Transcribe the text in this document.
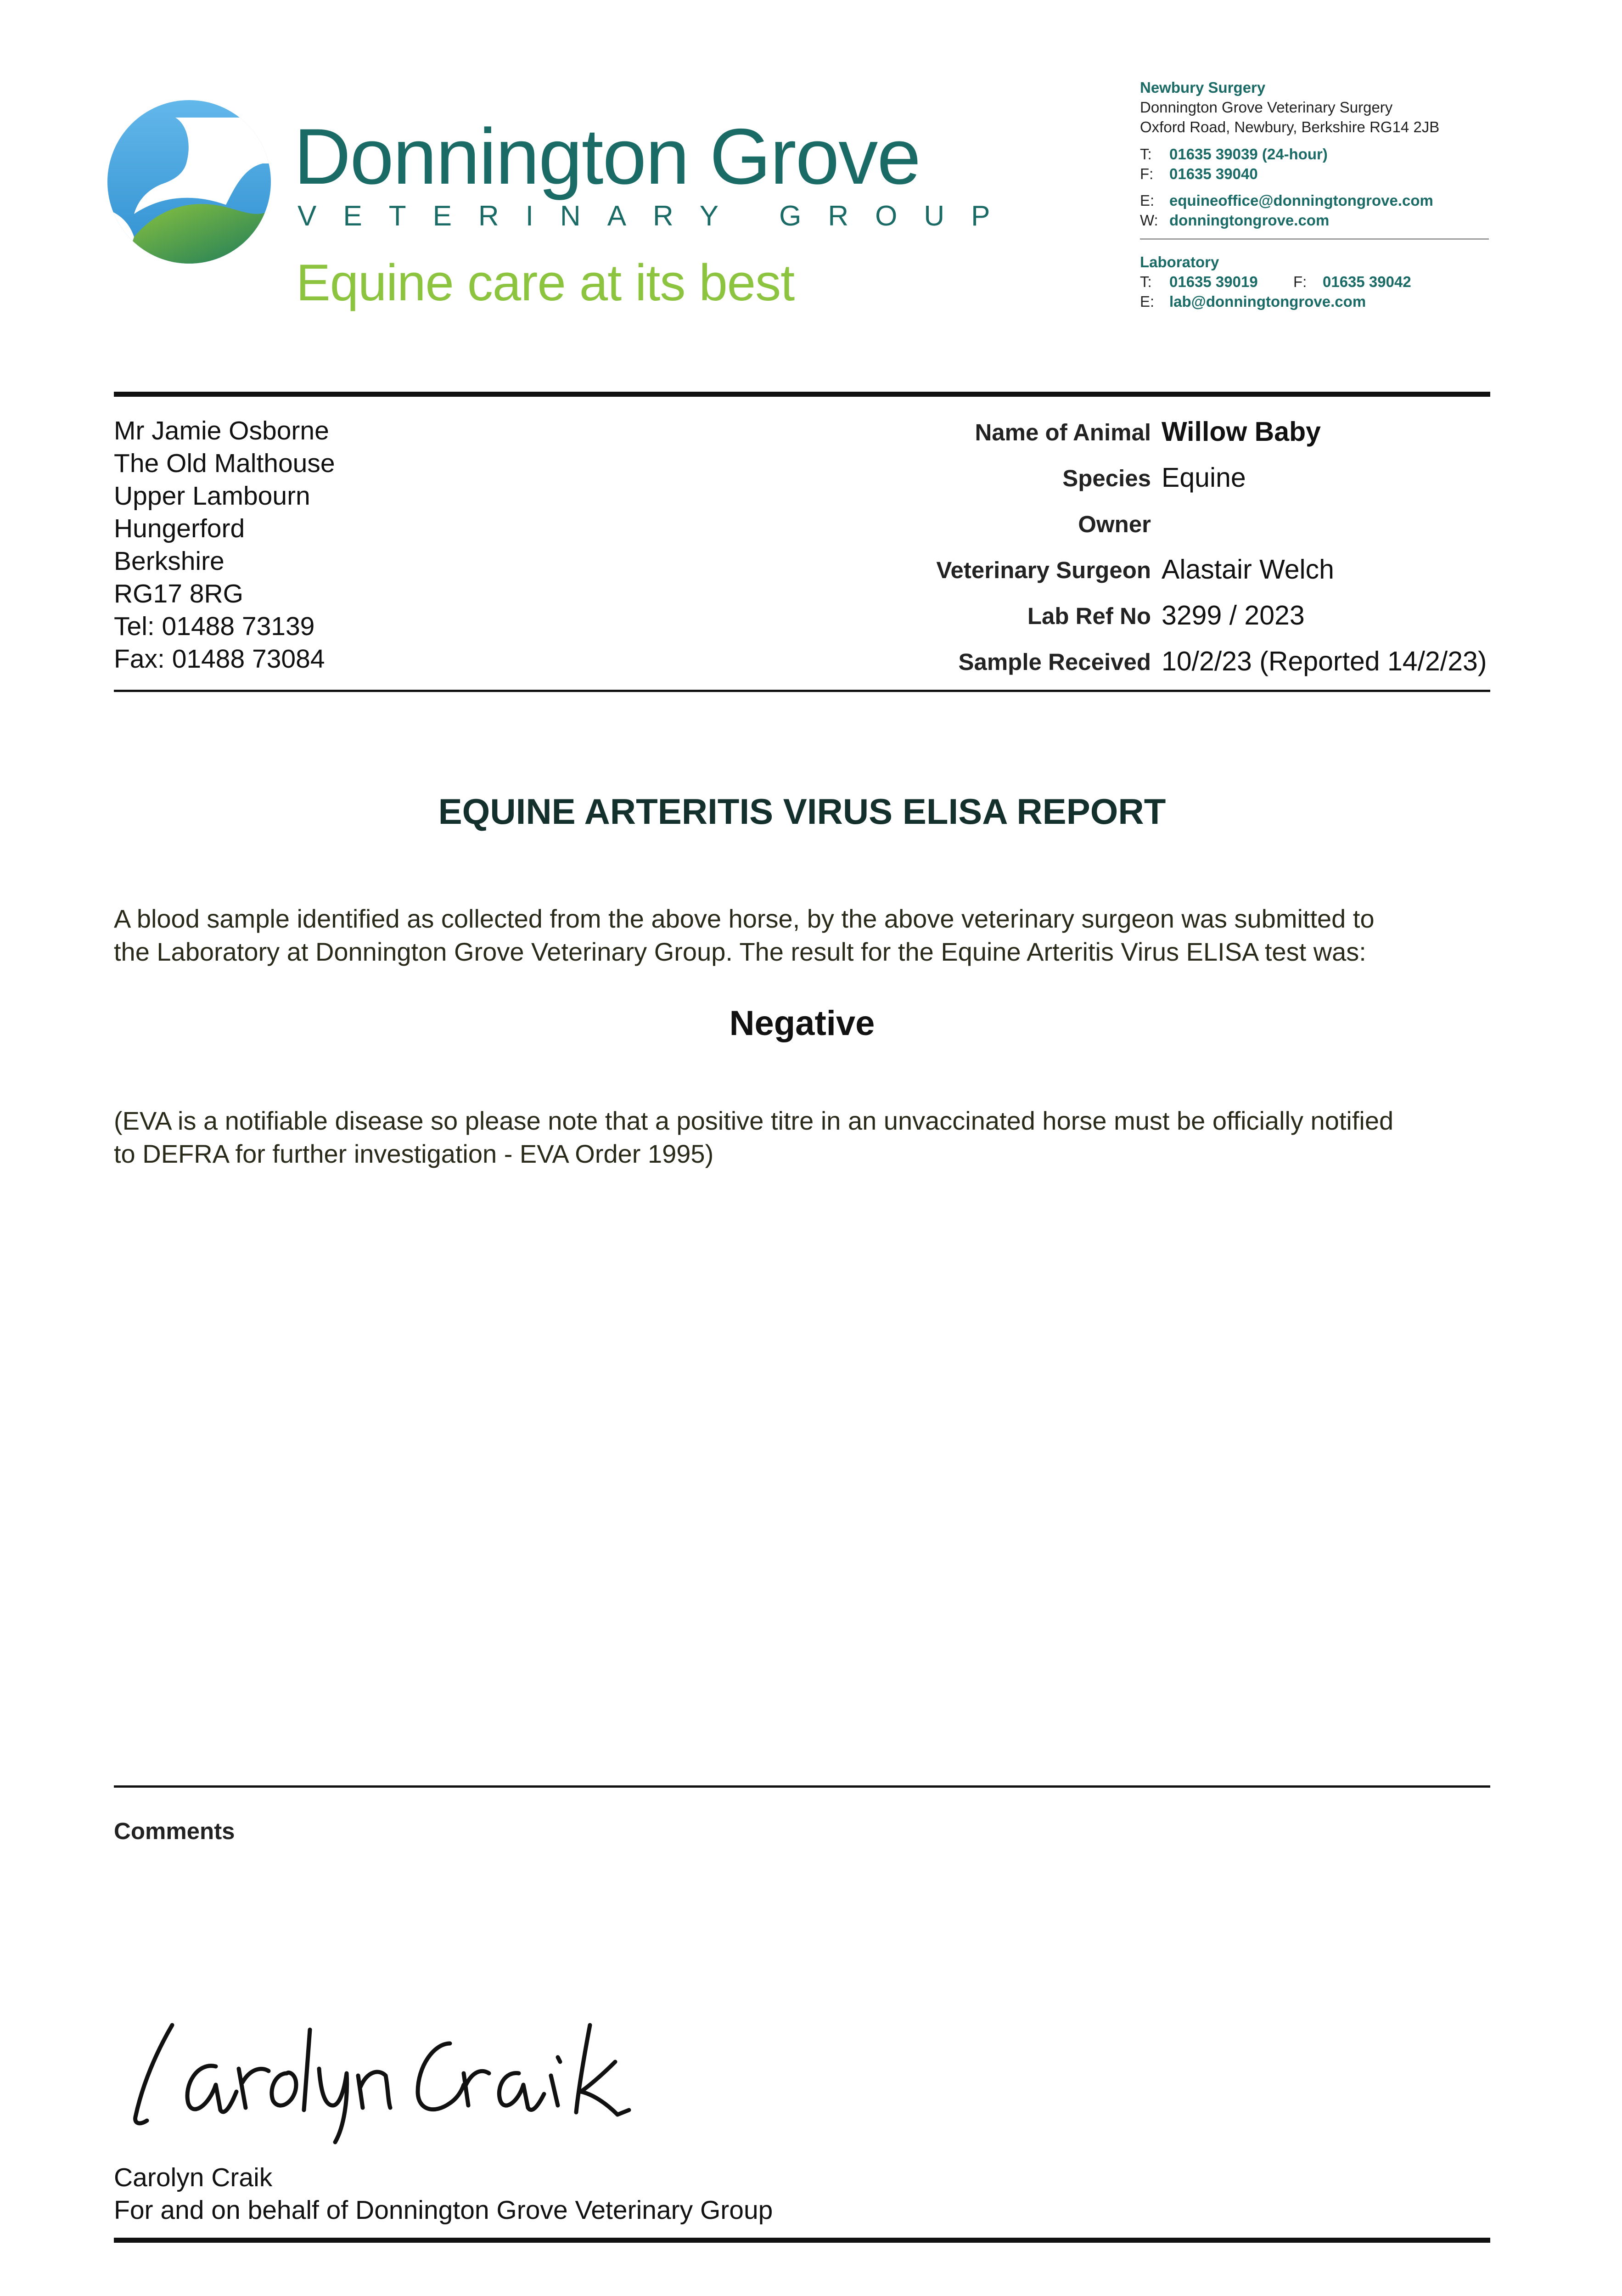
Donnington Grove
VETERINARY GROUP
Equine care at its best
Newbury Surgery
Donnington Grove Veterinary Surgery
Oxford Road, Newbury, Berkshire RG14 2JB
T: 01635 39039 (24-hour)
F: 01635 39040
E: equineoffice@donningtongrove.com
W: donningtongrove.com
Laboratory
T: 01635 39019 F: 01635 39042
E: lab@donningtongrove.com
Mr Jamie Osborne
The Old Malthouse
Upper Lambourn
Hungerford
Berkshire
RG17 8RG
Tel: 01488 73139
Fax: 01488 73084
Name of Animal Willow Baby
Species Equine
Owner
Veterinary Surgeon Alastair Welch
Lab Ref No 3299 / 2023
Sample Received 10/2/23 (Reported 14/2/23)
EQUINE ARTERITIS VIRUS ELISA REPORT
A blood sample identified as collected from the above horse, by the above veterinary surgeon was submitted to
the Laboratory at Donnington Grove Veterinary Group. The result for the Equine Arteritis Virus ELISA test was:
Negative
(EVA is a notifiable disease so please note that a positive titre in an unvaccinated horse must be officially notified
to DEFRA for further investigation - EVA Order 1995)
Comments
Carolyn Craik
For and on behalf of Donnington Grove Veterinary Group
